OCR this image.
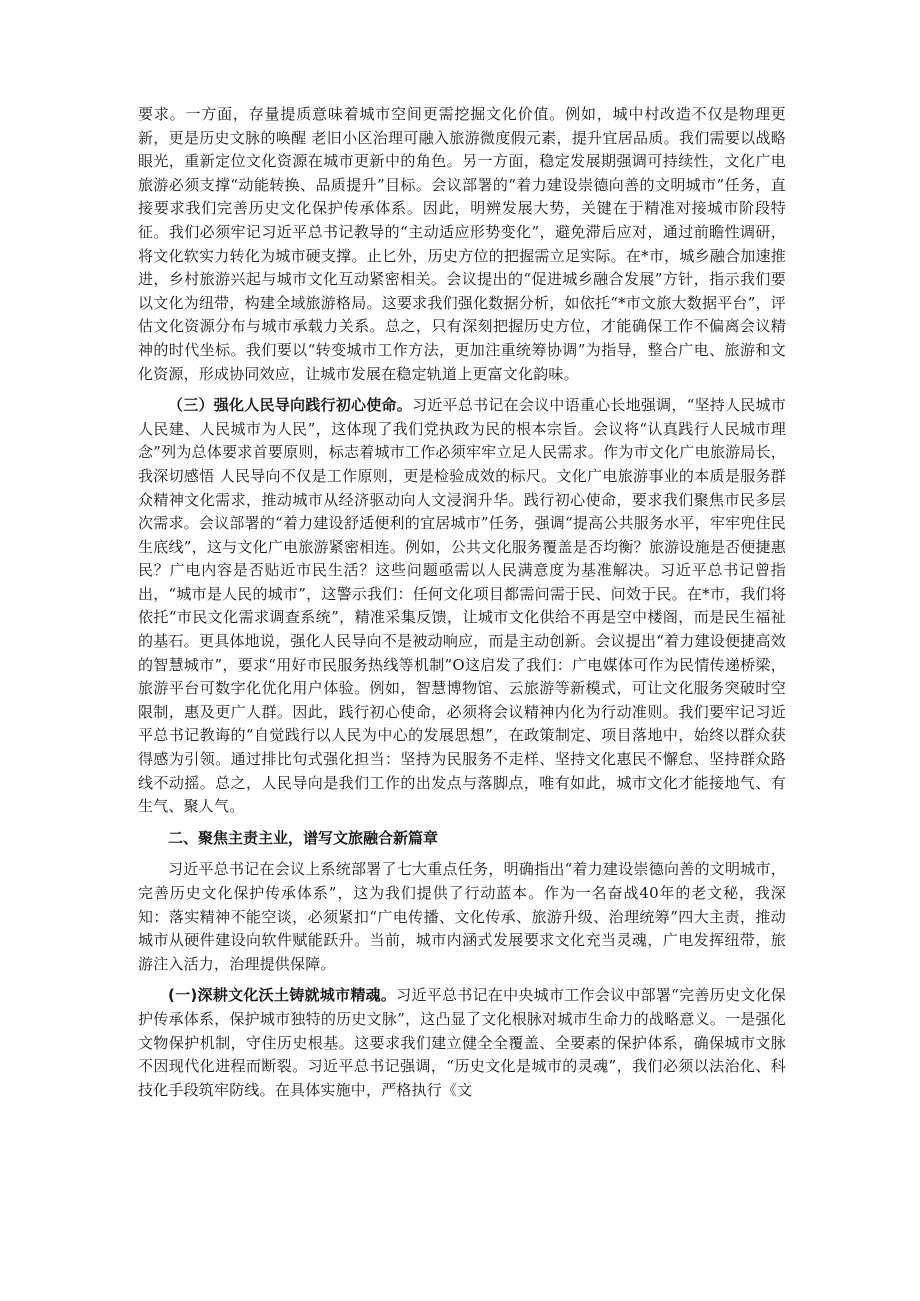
要求。一方面，存量提质意味着城市空间更需挖掘文化价值。例如，城中村改造不仅是物理更新，更是历史文脉的唤醒 老旧小区治理可融入旅游微度假元素，提升宜居品质。我们需要以战略眼光，重新定位文化资源在城市更新中的角色。另一方面，稳定发展期强调可持续性，文化广电旅游必须支撑“动能转换、品质提升”目标。会议部署的“着力建设崇德向善的文明城市”任务，直接要求我们完善历史文化保护传承体系。因此，明辨发展大势，关键在于精准对接城市阶段特征。我们必须牢记习近平总书记教导的“主动适应形势变化”，避免滞后应对，通过前瞻性调研，将文化软实力转化为城市硬支撑。止匕外，历史方位的把握需立足实际。在*市，城乡融合加速推进，乡村旅游兴起与城市文化互动紧密相关。会议提出的“促进城乡融合发展”方针，指示我们要以文化为纽带，构建全域旅游格局。这要求我们强化数据分析，如依托“*市文旅大数据平台”，评估文化资源分布与城市承载力关系。总之，只有深刻把握历史方位，才能确保工作不偏离会议精神的时代坐标。我们要以“转变城市工作方法，更加注重统筹协调”为指导，整合广电、旅游和文化资源，形成协同效应，让城市发展在稳定轨道上更富文化韵味。

（三）强化人民导向践行初心使命。习近平总书记在会议中语重心长地强调，“坚持人民城市人民建、人民城市为人民”，这体现了我们党执政为民的根本宗旨。会议将“认真践行人民城市理念”列为总体要求首要原则，标志着城市工作必须牢牢立足人民需求。作为市文化广电旅游局长，我深切感悟 人民导向不仅是工作原则，更是检验成效的标尺。文化广电旅游事业的本质是服务群众精神文化需求，推动城市从经济驱动向人文浸润升华。践行初心使命，要求我们聚焦市民多层次需求。会议部署的“着力建设舒适便利的宜居城市”任务，强调“提高公共服务水平，牢牢兜住民生底线”，这与文化广电旅游紧密相连。例如，公共文化服务覆盖是否均衡？旅游设施是否便捷惠民？广电内容是否贴近市民生活？这些问题亟需以人民满意度为基准解决。习近平总书记曾指出，“城市是人民的城市”，这警示我们：任何文化项目都需问需于民、问效于民。在*市，我们将依托“市民文化需求调查系统”，精准采集反馈，让城市文化供给不再是空中楼阁，而是民生福祉的基石。更具体地说，强化人民导向不是被动响应，而是主动创新。会议提出“着力建设便捷高效的智慧城市”，要求“用好市民服务热线等机制”O这启发了我们：广电媒体可作为民情传递桥梁，旅游平台可数字化优化用户体验。例如，智慧博物馆、云旅游等新模式，可让文化服务突破时空限制，惠及更广人群。因此，践行初心使命，必须将会议精神内化为行动准则。我们要牢记习近平总书记教诲的“自觉践行以人民为中心的发展思想”，在政策制定、项目落地中，始终以群众获得感为引领。通过排比句式强化担当：坚持为民服务不走样、坚持文化惠民不懈怠、坚持群众路线不动摇。总之，人民导向是我们工作的出发点与落脚点，唯有如此，城市文化才能接地气、有生气、聚人气。

二、聚焦主责主业，谱写文旅融合新篇章

习近平总书记在会议上系统部署了七大重点任务，明确指出“着力建设崇德向善的文明城市，完善历史文化保护传承体系”，这为我们提供了行动蓝本。作为一名奋战40年的老文秘，我深知：落实精神不能空谈，必须紧扣“广电传播、文化传承、旅游升级、治理统筹”四大主责，推动城市从硬件建设向软件赋能跃升。当前，城市内涵式发展要求文化充当灵魂，广电发挥纽带，旅游注入活力，治理提供保障。

(一)深耕文化沃土铸就城市精魂。习近平总书记在中央城市工作会议中部署“完善历史文化保护传承体系，保护城市独特的历史文脉”，这凸显了文化根脉对城市生命力的战略意义。一是强化文物保护机制，守住历史根基。这要求我们建立健全全覆盖、全要素的保护体系，确保城市文脉不因现代化进程而断裂。习近平总书记强调，“历史文化是城市的灵魂”，我们必须以法治化、科技化手段筑牢防线。在具体实施中，严格执行《文
